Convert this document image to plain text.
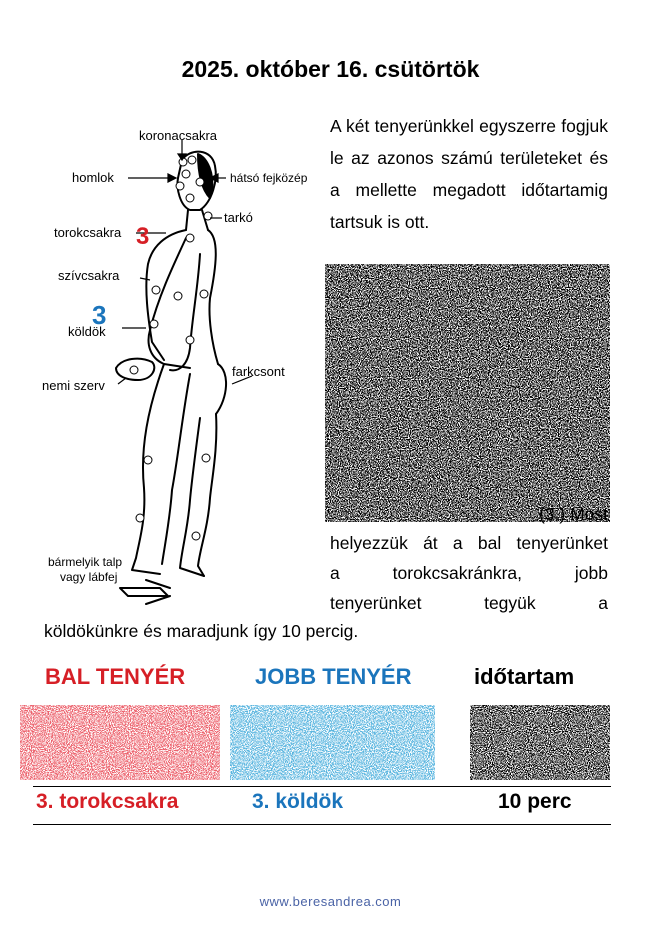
2025. október 16. csütörtök
koronacsakra
homlok	hátsó fejközép
tarkó
torokcsakra 3
szívcsakra
3
köldök
farkcsont
nemi szerv
bármelyik talp
vagy lábfej
A két tenyerünkkel egyszerre fogjuk le az azonos számú területeket és a mellette megadott időtartamig tartsuk is ott.
(3.) Most
helyezzük át a bal tenyerünket
a torokcsakránkra, jobb
tenyerünket tegyük a
köldökünkre és maradjunk így 10 percig.
BAL TENYÉR	JOBB TENYÉR	időtartam
3. torokcsakra	3. köldök	10 perc
www.beresandrea.com
